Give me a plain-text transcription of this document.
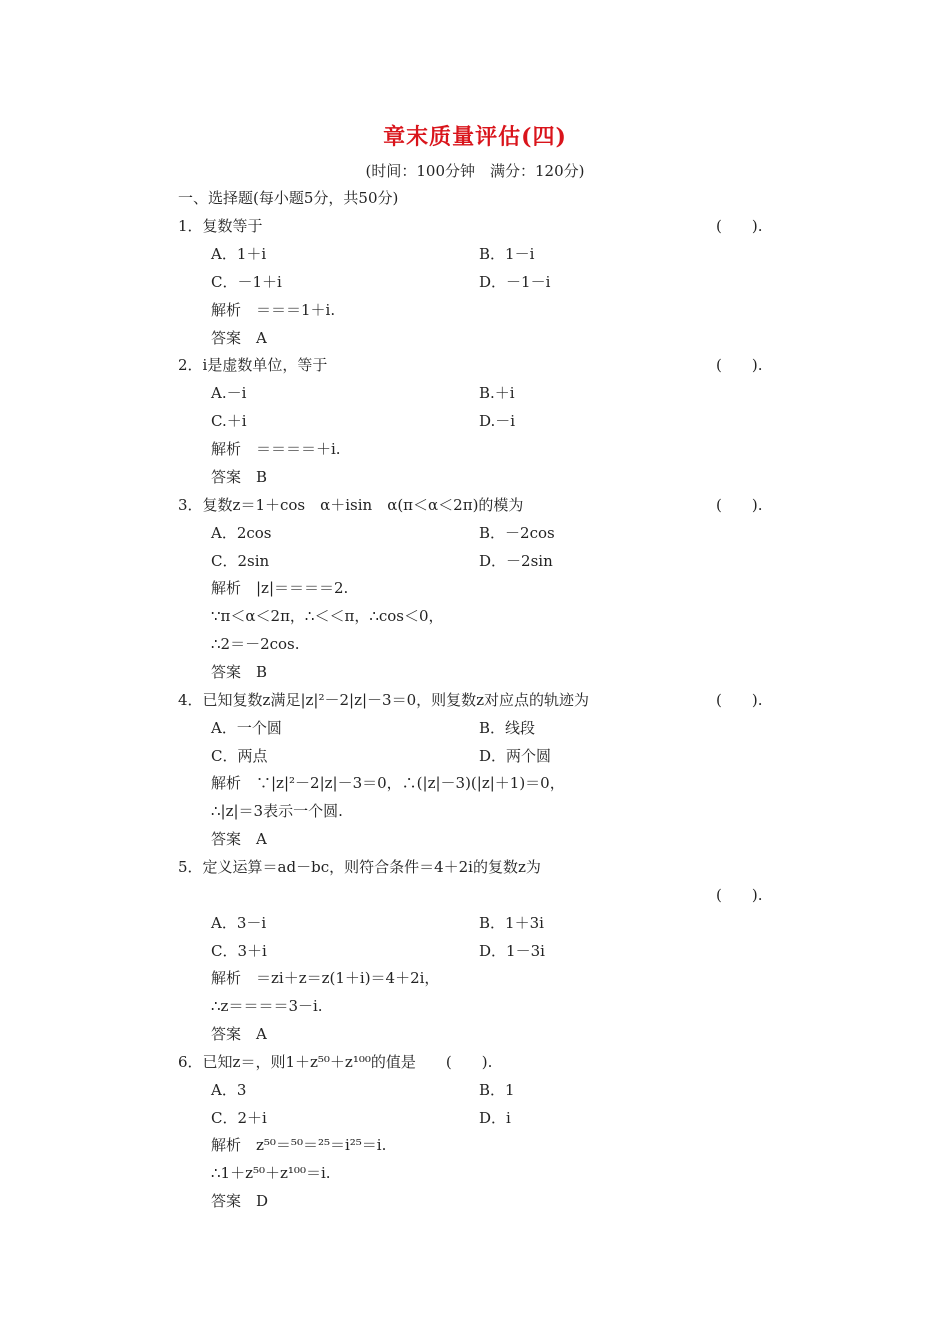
章末质量评估(四)
(时间：100分钟　满分：120分)
一、选择题(每小题5分，共50分)
1．复数等于	(　　).
A．1＋i	B．1－i
C．－1＋i	D．－1－i
解析　＝＝＝1＋i.
答案　A
2．i是虚数单位，等于	(　　).
A.－i	B.＋i
C.＋i	D.－i
解析　＝＝＝＝＋i.
答案　B
3．复数z＝1＋cos　α＋isin　α(π＜α＜2π)的模为	(　　).
A．2cos	B．－2cos
C．2sin	D．－2sin
解析　|z|＝＝＝＝2.
∵π＜α＜2π，∴＜＜π，∴cos＜0，
∴2＝－2cos.
答案　B
4．已知复数z满足|z|²－2|z|－3＝0，则复数z对应点的轨迹为	(　　).
A．一个圆	B．线段
C．两点	D．两个圆
解析　∵|z|²－2|z|－3＝0，∴(|z|－3)(|z|＋1)＝0，
∴|z|＝3表示一个圆.
答案　A
5．定义运算＝ad－bc，则符合条件＝4＋2i的复数z为
(　　).
A．3－i	B．1＋3i
C．3＋i	D．1－3i
解析　＝zi＋z＝z(1＋i)＝4＋2i，
∴z＝＝＝＝3－i.
答案　A
6．已知z＝，则1＋z⁵⁰＋z¹⁰⁰的值是　　(　　).
A．3	B．1
C．2＋i	D．i
解析　z⁵⁰＝⁵⁰＝²⁵＝i²⁵＝i.
∴1＋z⁵⁰＋z¹⁰⁰＝i.
答案　D
